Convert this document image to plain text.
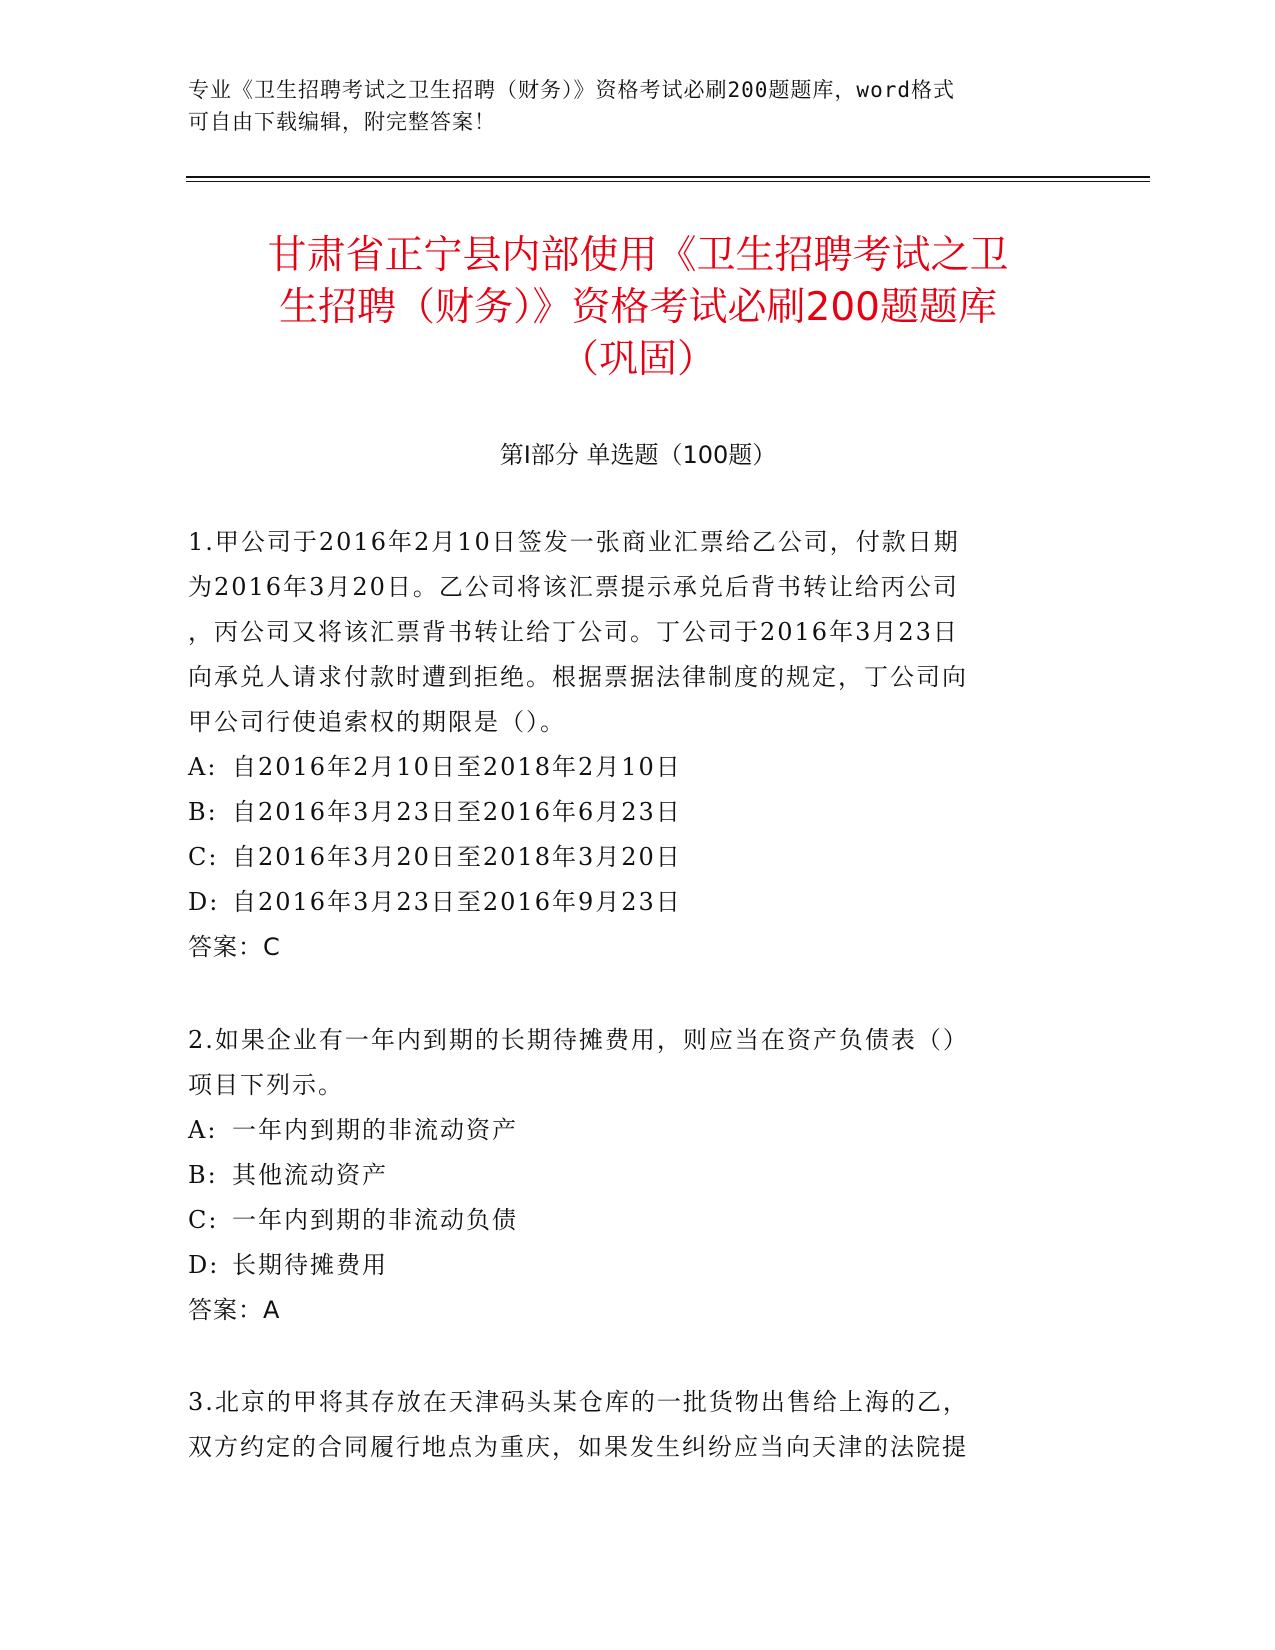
专业《卫生招聘考试之卫生招聘（财务）》资格考试必刷200题题库，word格式
可自由下载编辑，附完整答案！
甘肃省正宁县内部使用《卫生招聘考试之卫
生招聘（财务）》资格考试必刷200题题库
（巩固）
第Ⅰ部分 单选题（100题）
1.甲公司于2016年2月10日签发一张商业汇票给乙公司，付款日期
为2016年3月20日。乙公司将该汇票提示承兑后背书转让给丙公司
，丙公司又将该汇票背书转让给丁公司。丁公司于2016年3月23日
向承兑人请求付款时遭到拒绝。根据票据法律制度的规定，丁公司向
甲公司行使追索权的期限是（）。
A: 自2016年2月10日至2018年2月10日
B: 自2016年3月23日至2016年6月23日
C: 自2016年3月20日至2018年3月20日
D: 自2016年3月23日至2016年9月23日
答案：C
2.如果企业有一年内到期的长期待摊费用，则应当在资产负债表（）
项目下列示。
A: 一年内到期的非流动资产
B: 其他流动资产
C: 一年内到期的非流动负债
D: 长期待摊费用
答案：A
3.北京的甲将其存放在天津码头某仓库的一批货物出售给上海的乙，
双方约定的合同履行地点为重庆，如果发生纠纷应当向天津的法院提
